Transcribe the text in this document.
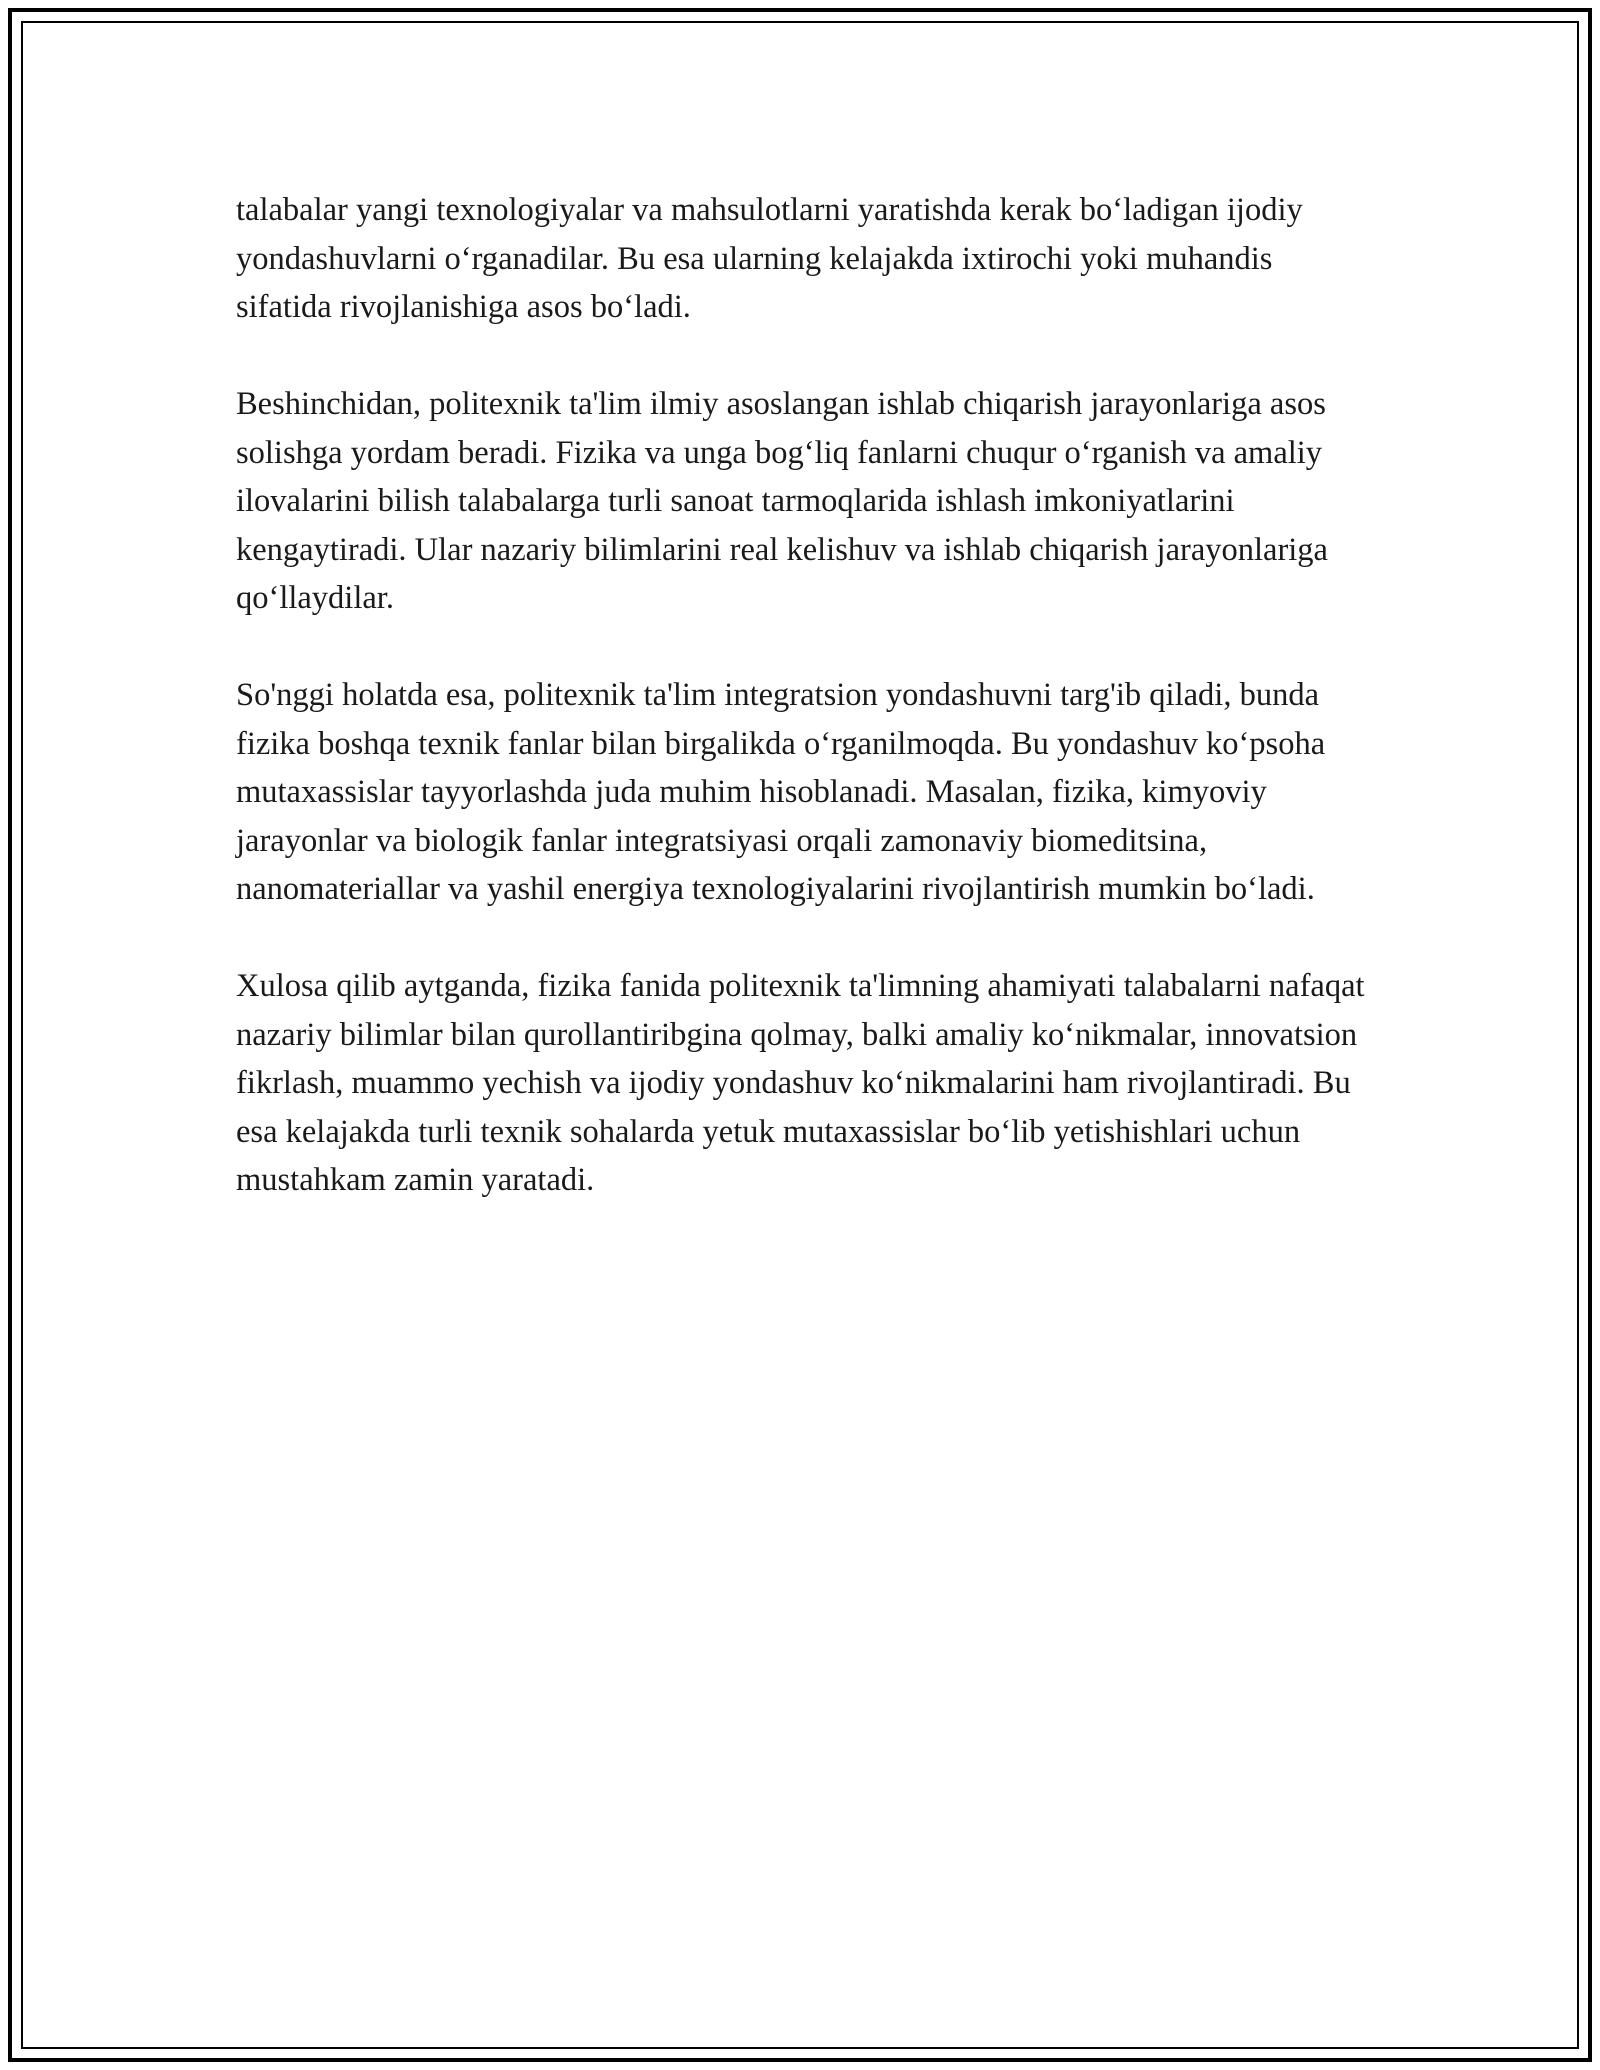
talabalar yangi texnologiyalar va mahsulotlarni yaratishda kerak bo‘ladigan ijodiy yondashuvlarni o‘rganadilar. Bu esa ularning kelajakda ixtirochi yoki muhandis sifatida rivojlanishiga asos bo‘ladi.

Beshinchidan, politexnik ta'lim ilmiy asoslangan ishlab chiqarish jarayonlariga asos solishga yordam beradi. Fizika va unga bog‘liq fanlarni chuqur o‘rganish va amaliy ilovalarini bilish talabalarga turli sanoat tarmoqlarida ishlash imkoniyatlarini kengaytiradi. Ular nazariy bilimlarini real kelishuv va ishlab chiqarish jarayonlariga qo‘llaydilar.

So'nggi holatda esa, politexnik ta'lim integratsion yondashuvni targ'ib qiladi, bunda fizika boshqa texnik fanlar bilan birgalikda o‘rganilmoqda. Bu yondashuv ko‘psoha mutaxassislar tayyorlashda juda muhim hisoblanadi. Masalan, fizika, kimyoviy jarayonlar va biologik fanlar integratsiyasi orqali zamonaviy biomeditsina, nanomateriallar va yashil energiya texnologiyalarini rivojlantirish mumkin bo‘ladi.

Xulosa qilib aytganda, fizika fanida politexnik ta'limning ahamiyati talabalarni nafaqat nazariy bilimlar bilan qurollantiribgina qolmay, balki amaliy ko‘nikmalar, innovatsion fikrlash, muammo yechish va ijodiy yondashuv ko‘nikmalarini ham rivojlantiradi. Bu esa kelajakda turli texnik sohalarda yetuk mutaxassislar bo‘lib yetishishlari uchun mustahkam zamin yaratadi.
